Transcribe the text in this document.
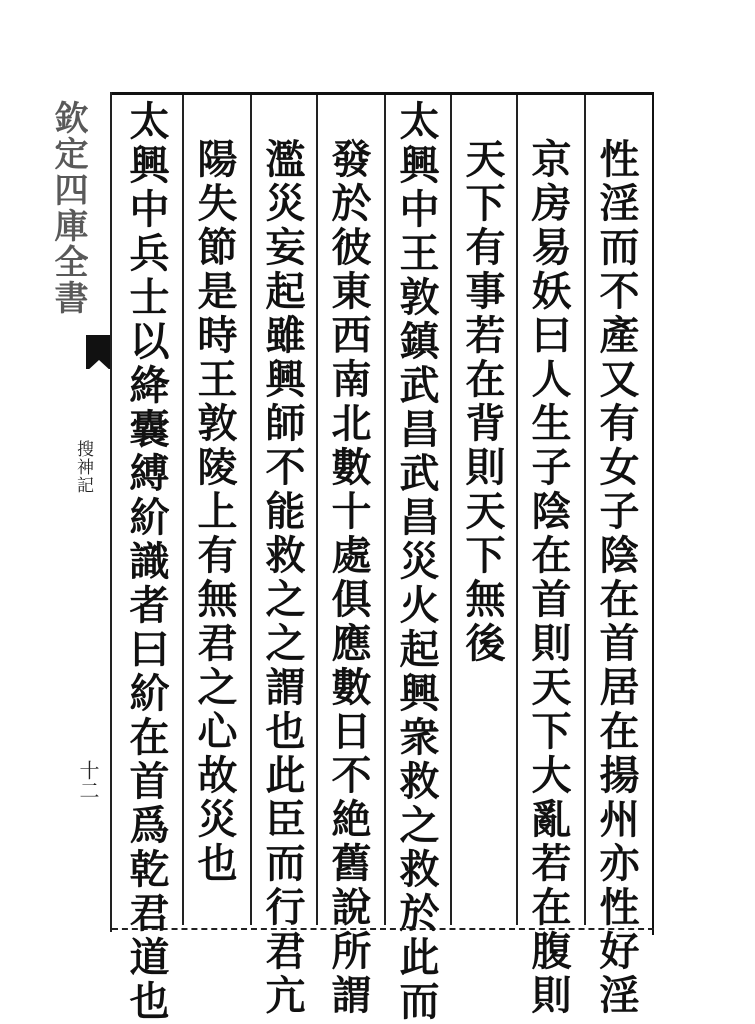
欽定四庫全書
搜神記
十二	性淫而不產又有女子陰在首居在揚州亦性好淫
京房易妖曰人生子陰在首則天下大亂若在腹則
天下有事若在背則天下無後
太興中王敦鎮武昌武昌災火起興衆救之救於此而
發於彼東西南北數十處俱應數日不絶舊說所謂
濫災妄起雖興師不能救之之謂也此臣而行君亢
陽失節是時王敦陵上有無君之心故災也
太興中兵士以絳囊縛紒識者曰紒在首爲乾君道也
